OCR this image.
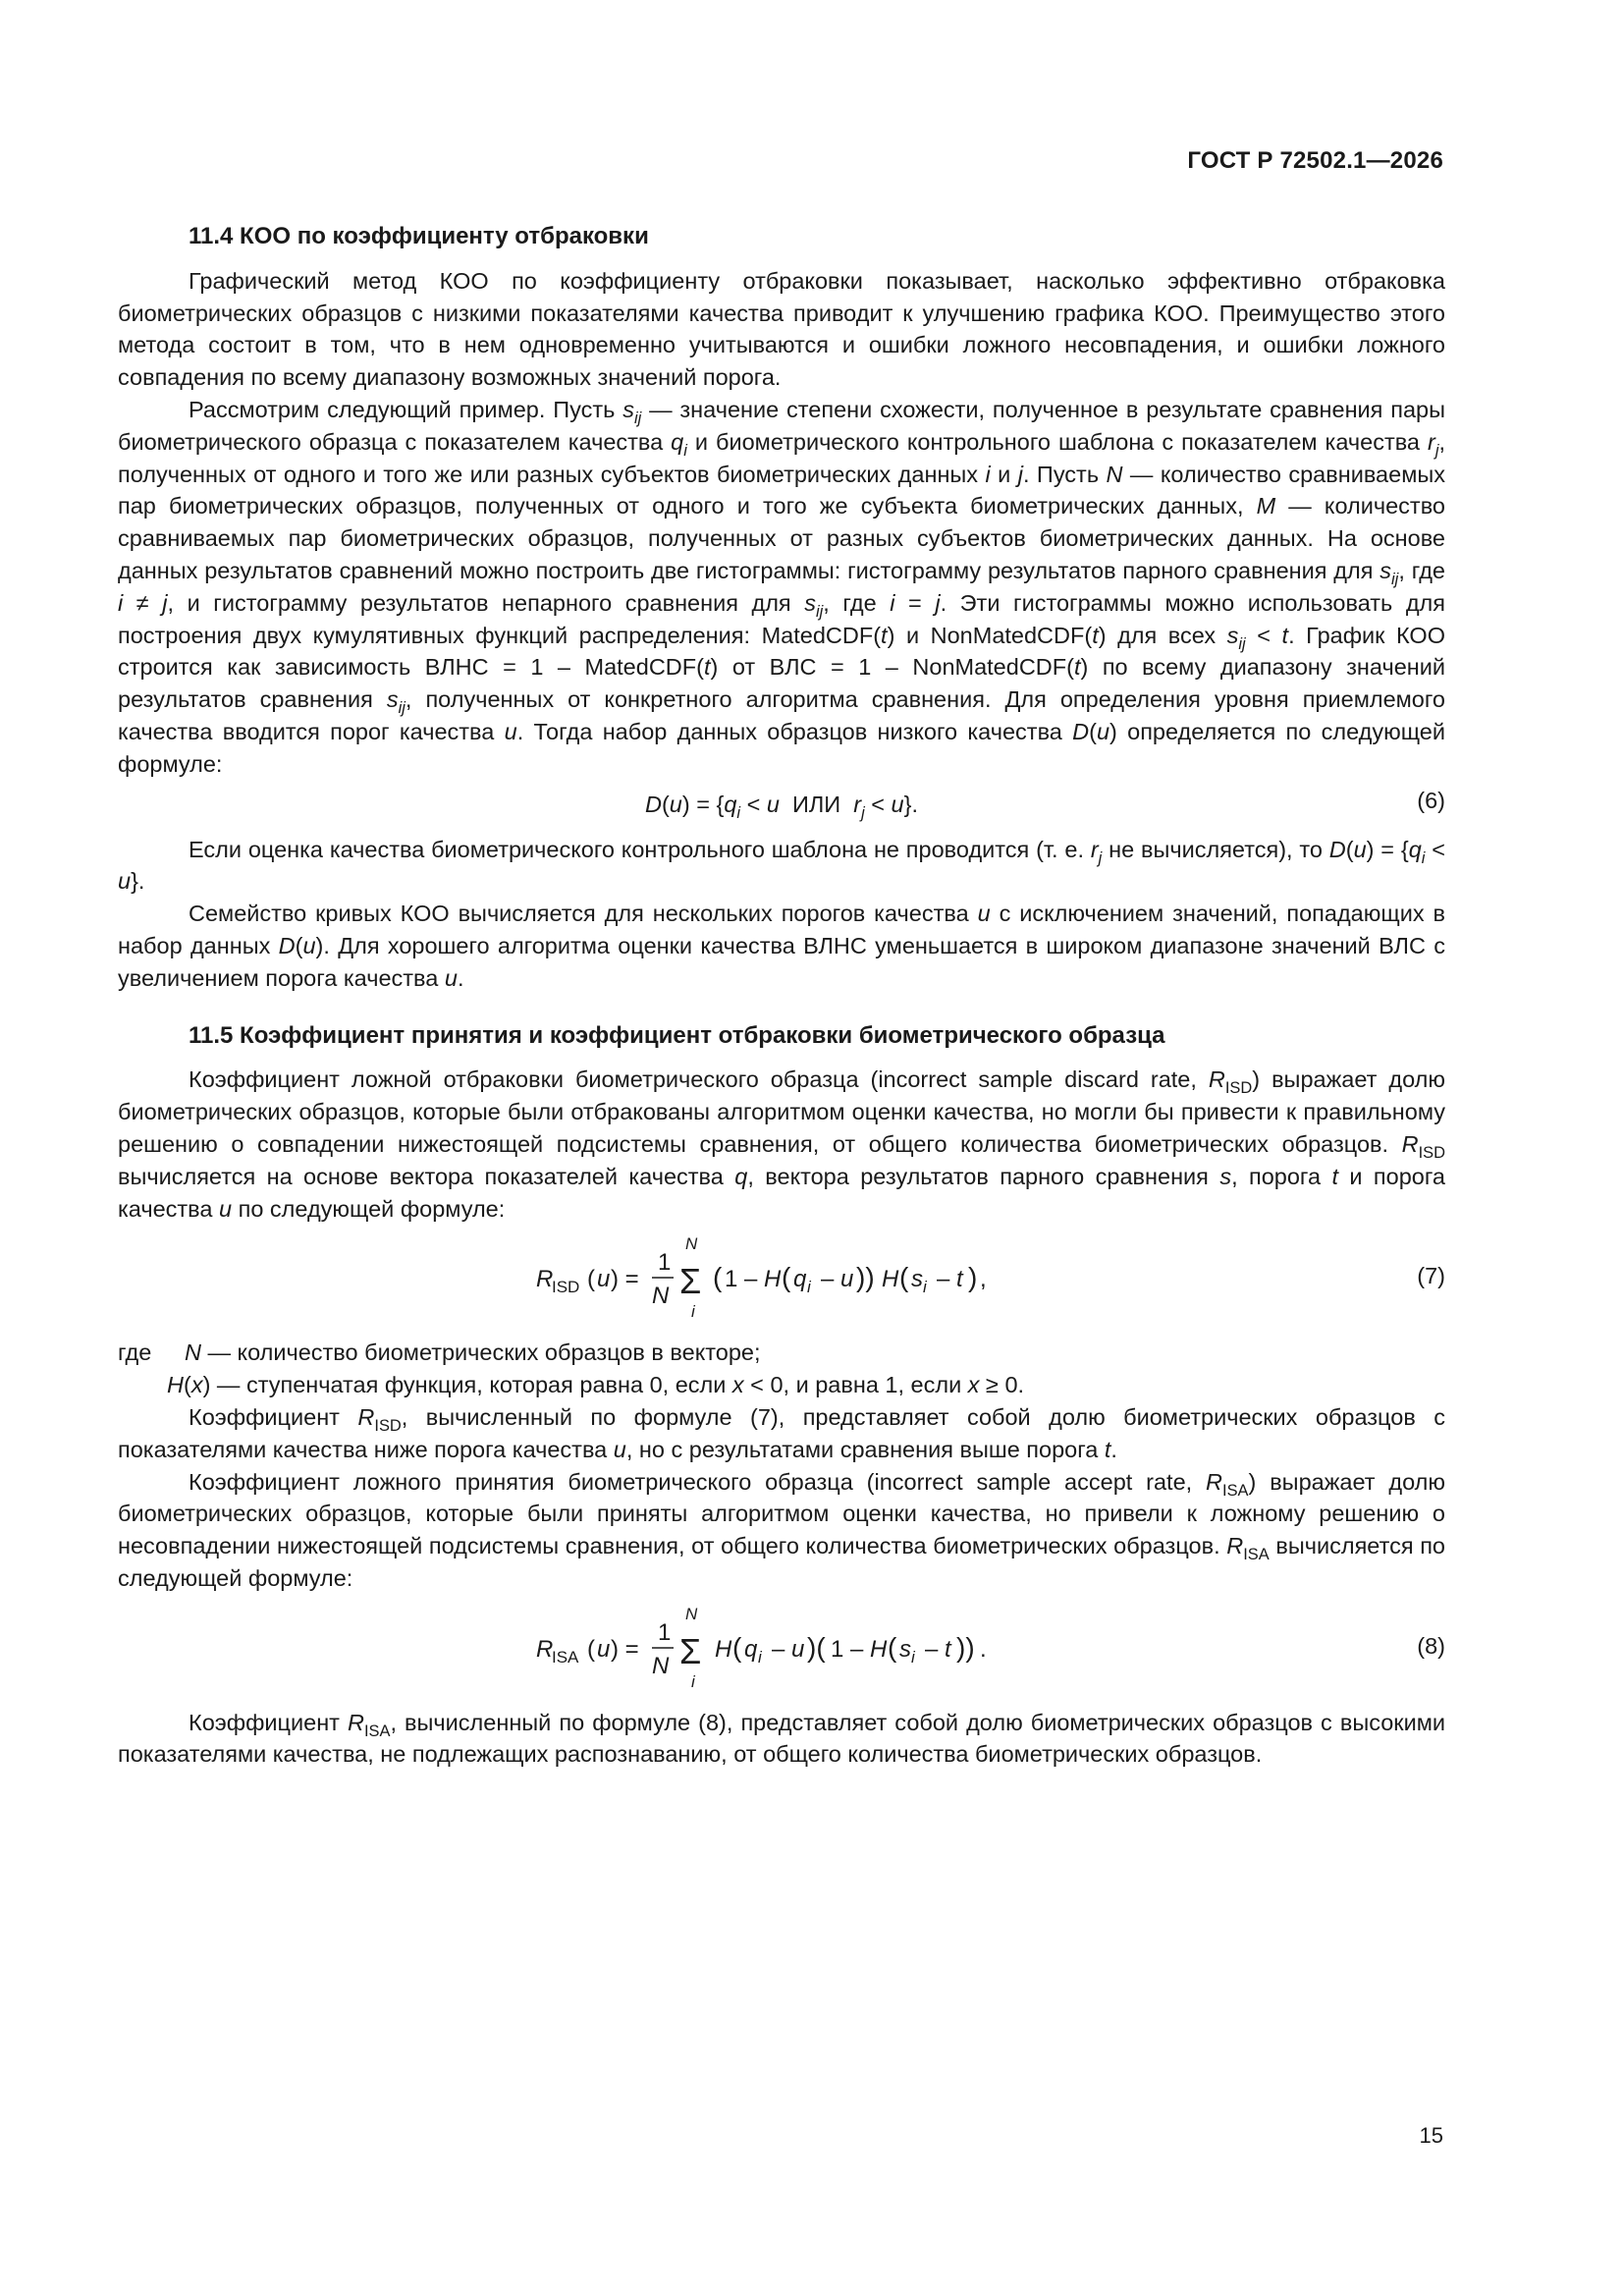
ГОСТ Р 72502.1—2026
11.4 КОО по коэффициенту отбраковки

Графический метод КОО по коэффициенту отбраковки показывает, насколько эффективно отбраковка биометрических образцов с низкими показателями качества приводит к улучшению графика КОО. Преимущество этого метода состоит в том, что в нем одновременно учитываются и ошибки ложного несовпадения, и ошибки ложного совпадения по всему диапазону возможных значений порога.

Рассмотрим следующий пример. Пусть $s_{ij}$ — значение степени схожести, полученное в результате сравнения пары биометрического образца с показателем качества $q_i$ и биометрического контрольного шаблона с показателем качества $r_j$, полученных от одного и того же или разных субъектов биометрических данных i и j. Пусть N — количество сравниваемых пар биометрических образцов, полученных от одного и того же субъекта биометрических данных, M — количество сравниваемых пар биометрических образцов, полученных от разных субъектов биометрических данных. На основе данных результатов сравнений можно построить две гистограммы: гистограмму результатов парного сравнения для $s_{ij}$, где i ≠ j, и гистограмму результатов непарного сравнения для $s_{ij}$, где i = j. Эти гистограммы можно использовать для построения двух кумулятивных функций распределения: MatedCDF(t) и NonMatedCDF(t) для всех $s_{ij} < t$. График КОО строится как зависимость ВЛНС = 1 – MatedCDF(t) от ВЛС = 1 – NonMatedCDF(t) по всему диапазону значений результатов сравнения $s_{ij}$, полученных от конкретного алгоритма сравнения. Для определения уровня приемлемого качества вводится порог качества u. Тогда набор данных образцов низкого качества D(u) определяется по следующей формуле:

$D(u) = \{q_i < u$  ИЛИ  $r_j < u$}.	(6)

Если оценка качества биометрического контрольного шаблона не проводится (т. е. $r_j$ не вычисляется), то $D(u) = \{q_i < u\}$.

Семейство кривых КОО вычисляется для нескольких порогов качества u с исключением значений, попадающих в набор данных D(u). Для хорошего алгоритма оценки качества ВЛНС уменьшается в широком диапазоне значений ВЛС с увеличением порога качества u.

11.5 Коэффициент принятия и коэффициент отбраковки биометрического образца

Коэффициент ложной отбраковки биометрического образца (incorrect sample discard rate, $R_{ISD}$) выражает долю биометрических образцов, которые были отбракованы алгоритмом оценки качества, но могли бы привести к правильному решению о совпадении нижестоящей подсистемы сравнения, от общего количества биометрических образцов. $R_{ISD}$ вычисляется на основе вектора показателей качества q, вектора результатов парного сравнения s, порога t и порога качества u по следующей формуле:

R
ISD ( u ) =
1
N
N
Σ
i
( 1 – H ( q i – u )) H ( s i – t ) ,	(7)
где	N — количество биометрических образцов в векторе;
H(x) — ступенчатая функция, которая равна 0, если x < 0, и равна 1, если x ≥ 0.

Коэффициент $R_{ISD}$, вычисленный по формуле (7), представляет собой долю биометрических образцов с показателями качества ниже порога качества u, но с результатами сравнения выше порога t.

Коэффициент ложного принятия биометрического образца (incorrect sample accept rate, $R_{ISA}$) выражает долю биометрических образцов, которые были приняты алгоритмом оценки качества, но привели к ложному решению о несовпадении нижестоящей подсистемы сравнения, от общего количества биометрических образцов. $R_{ISA}$ вычисляется по следующей формуле:

R
ISA ( u ) =
1
N
N
Σ
i
H ( q i – u )( 1 – H ( s i – t )) .	(8)

Коэффициент $R_{ISA}$, вычисленный по формуле (8), представляет собой долю биометрических образцов с высокими показателями качества, не подлежащих распознаванию, от общего количества биометрических образцов.

15
